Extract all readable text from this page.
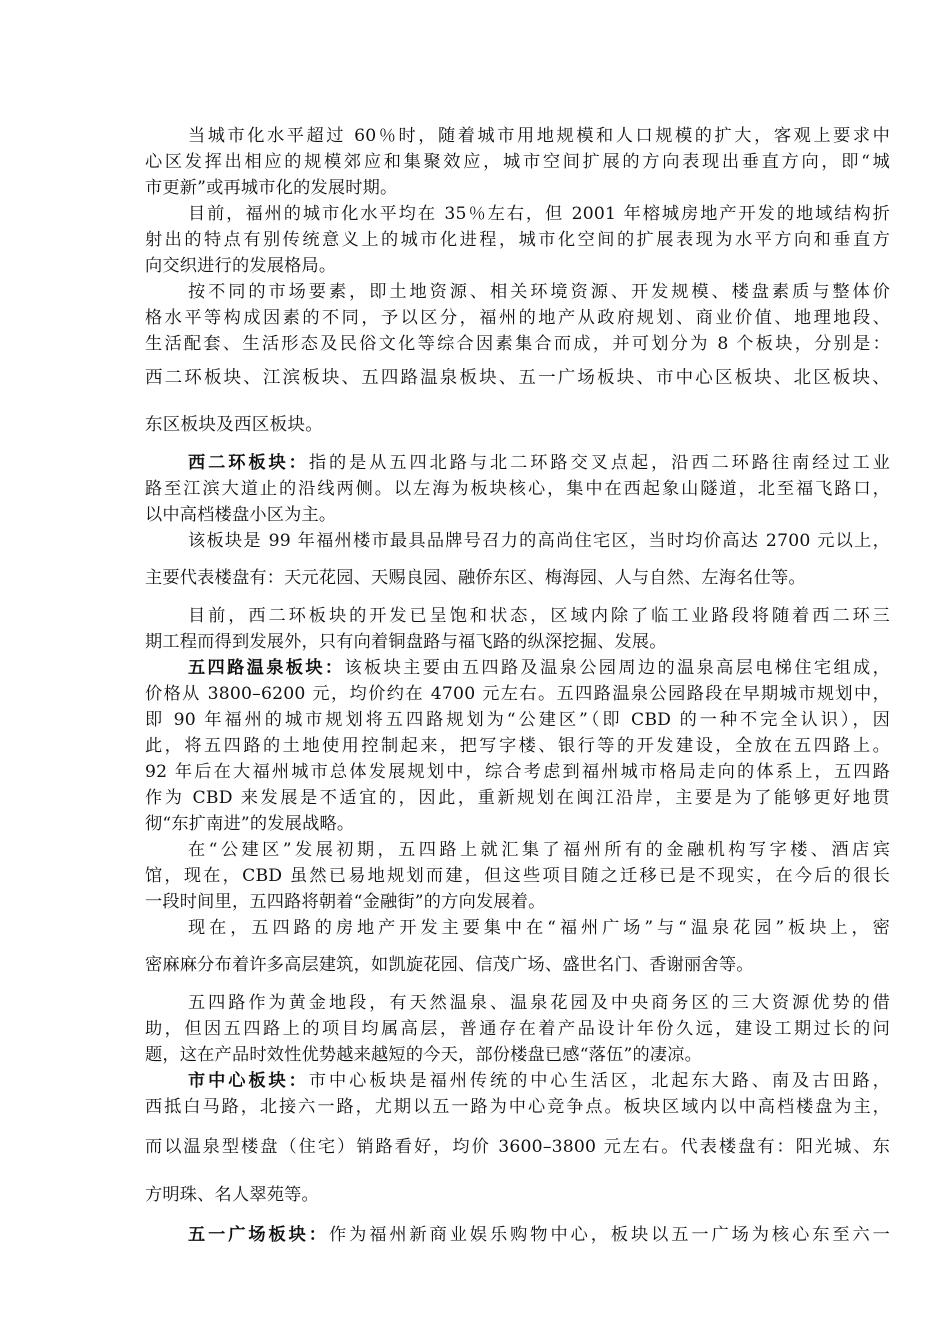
当城市化水平超过 60％时，随着城市用地规模和人口规模的扩大，客观上要求中
心区发挥出相应的规模郊应和集聚效应，城市空间扩展的方向表现出垂直方向，即“城
市更新”或再城市化的发展时期。
目前，福州的城市化水平均在 35％左右，但 2001 年榕城房地产开发的地域结构折
射出的特点有别传统意义上的城市化进程，城市化空间的扩展表现为水平方向和垂直方
向交织进行的发展格局。
按不同的市场要素，即土地资源、相关环境资源、开发规模、楼盘素质与整体价
格水平等构成因素的不同，予以区分，福州的地产从政府规划、商业价值、地理地段、
生活配套、生活形态及民俗文化等综合因素集合而成，并可划分为 8 个板块，分别是：
西二环板块、江滨板块、五四路温泉板块、五一广场板块、市中心区板块、北区板块、
东区板块及西区板块。
西二环板块：指的是从五四北路与北二环路交叉点起，沿西二环路往南经过工业
路至江滨大道止的沿线两侧。以左海为板块核心，集中在西起象山隧道，北至福飞路口，
以中高档楼盘小区为主。
该板块是 99 年福州楼市最具品牌号召力的高尚住宅区，当时均价高达 2700 元以上，
主要代表楼盘有：天元花园、天赐良园、融侨东区、梅海园、人与自然、左海名仕等。
目前，西二环板块的开发已呈饱和状态，区域内除了临工业路段将随着西二环三
期工程而得到发展外，只有向着铜盘路与福飞路的纵深挖掘、发展。
五四路温泉板块：该板块主要由五四路及温泉公园周边的温泉高层电梯住宅组成，
价格从 3800–6200 元，均价约在 4700 元左右。五四路温泉公园路段在早期城市规划中，
即 90 年福州的城市规划将五四路规划为“公建区”（即 CBD 的一种不完全认识），因
此，将五四路的土地使用控制起来，把写字楼、银行等的开发建设，全放在五四路上。
92 年后在大福州城市总体发展规划中，综合考虑到福州城市格局走向的体系上，五四路
作为 CBD 来发展是不适宜的，因此，重新规划在闽江沿岸，主要是为了能够更好地贯
彻“东扩南进”的发展战略。
在“公建区”发展初期，五四路上就汇集了福州所有的金融机构写字楼、酒店宾
馆，现在，CBD 虽然已易地规划而建，但这些项目随之迁移已是不现实，在今后的很长
一段时间里，五四路将朝着“金融街”的方向发展着。
现在，五四路的房地产开发主要集中在“福州广场”与“温泉花园”板块上，密
密麻麻分布着许多高层建筑，如凯旋花园、信茂广场、盛世名门、香谢丽舍等。
五四路作为黄金地段，有天然温泉、温泉花园及中央商务区的三大资源优势的借
助，但因五四路上的项目均属高层，普通存在着产品设计年份久远，建设工期过长的问
题，这在产品时效性优势越来越短的今天，部份楼盘已感“落伍”的凄凉。
市中心板块：市中心板块是福州传统的中心生活区，北起东大路、南及古田路，
西抵白马路，北接六一路，尤期以五一路为中心竞争点。板块区域内以中高档楼盘为主，
而以温泉型楼盘（住宅）销路看好，均价 3600–3800 元左右。代表楼盘有：阳光城、东
方明珠、名人翠苑等。
五一广场板块：作为福州新商业娱乐购物中心，板块以五一广场为核心东至六一
